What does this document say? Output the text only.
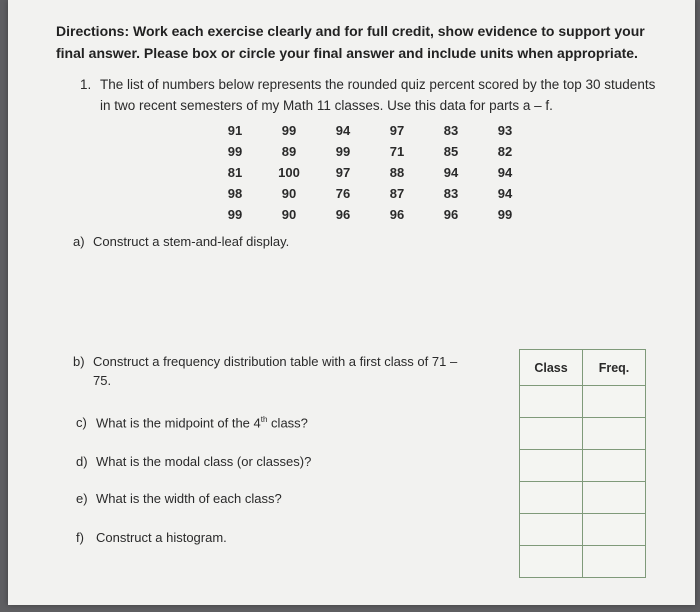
Directions: Work each exercise clearly and for full credit, show evidence to support your final answer. Please box or circle your final answer and include units when appropriate.
1. The list of numbers below represents the rounded quiz percent scored by the top 30 students in two recent semesters of my Math 11 classes. Use this data for parts a – f.
91	99	94	97	83	93
99	89	99	71	85	82
81	100	97	88	94	94
98	90	76	87	83	94
99	90	96	96	96	99
a) Construct a stem-and-leaf display.
b) Construct a frequency distribution table with a first class of 71 – 75.
c) What is the midpoint of the 4th class?
d) What is the modal class (or classes)?
e) What is the width of each class?
f) Construct a histogram.
Class	Freq.
